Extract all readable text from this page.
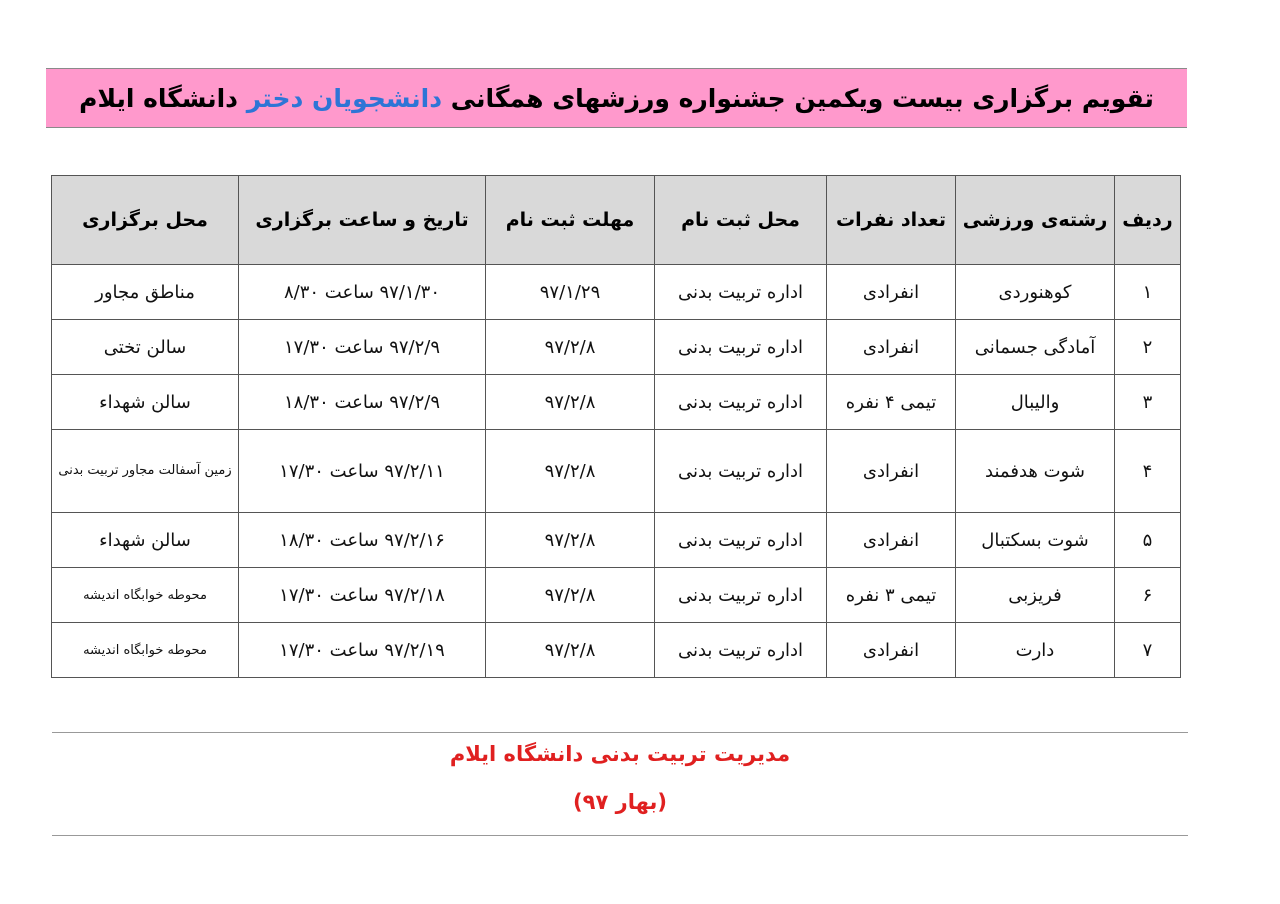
تقویم برگزاری بیست ویکمین جشنواره ورزشهای همگانی دانشجویان دختر دانشگاه ایلام
ردیف	رشته‌ی ورزشی	تعداد نفرات	محل ثبت نام	مهلت ثبت نام	تاریخ و ساعت برگزاری	محل برگزاری
۱	کوهنوردی	انفرادی	اداره تربیت بدنی	۹۷/۱/۲۹	۹۷/۱/۳۰ ساعت ۸/۳۰	مناطق مجاور
۲	آمادگی جسمانی	انفرادی	اداره تربیت بدنی	۹۷/۲/۸	۹۷/۲/۹ ساعت ۱۷/۳۰	سالن تختی
۳	والیبال	تیمی ۴ نفره	اداره تربیت بدنی	۹۷/۲/۸	۹۷/۲/۹ ساعت ۱۸/۳۰	سالن شهداء
۴	شوت هدفمند	انفرادی	اداره تربیت بدنی	۹۷/۲/۸	۹۷/۲/۱۱ ساعت ۱۷/۳۰	زمین آسفالت مجاور تربیت بدنی
۵	شوت بسکتبال	انفرادی	اداره تربیت بدنی	۹۷/۲/۸	۹۷/۲/۱۶ ساعت ۱۸/۳۰	سالن شهداء
۶	فریزبی	تیمی ۳ نفره	اداره تربیت بدنی	۹۷/۲/۸	۹۷/۲/۱۸ ساعت ۱۷/۳۰	محوطه خوابگاه اندیشه
۷	دارت	انفرادی	اداره تربیت بدنی	۹۷/۲/۸	۹۷/۲/۱۹ ساعت ۱۷/۳۰	محوطه خوابگاه اندیشه
مدیریت تربیت بدنی دانشگاه ایلام
(بهار ۹۷)
